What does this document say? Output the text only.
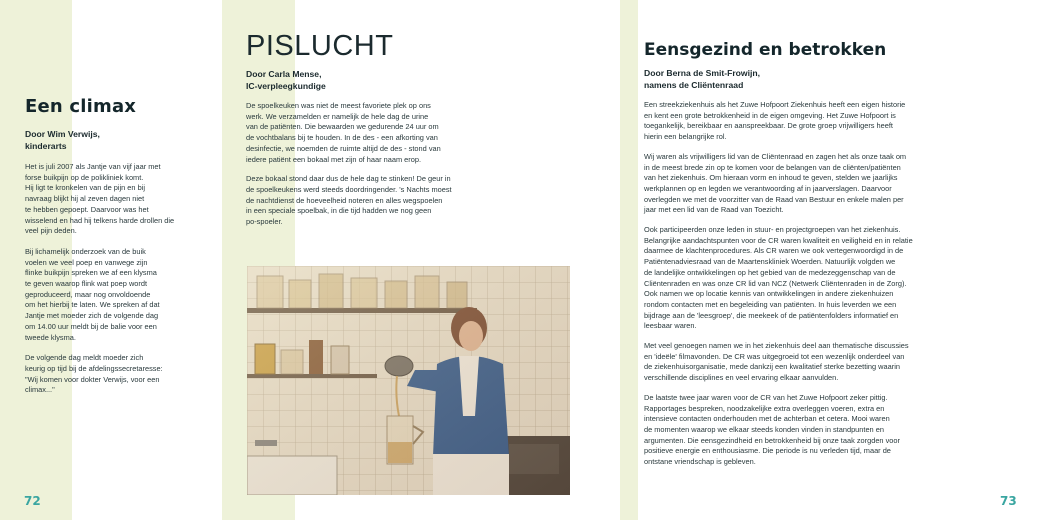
Een climax
Door Wim Verwijs,
kinderarts

Het is juli 2007 als Jantje van vijf jaar met
forse buikpijn op de polikliniek komt.
Hij ligt te kronkelen van de pijn en bij
navraag blijkt hij al zeven dagen niet
te hebben gepoept. Daarvoor was het
wisselend en had hij telkens harde drollen die
veel pijn deden.

Bij lichamelijk onderzoek van de buik
voelen we veel poep en vanwege zijn
flinke buikpijn spreken we af een klysma
te geven waarop flink wat poep wordt
geproduceerd, maar nog onvoldoende
om het hierbij te laten. We spreken af dat
Jantje met moeder zich de volgende dag
om 14.00 uur meldt bij de balie voor een
tweede klysma.

De volgende dag meldt moeder zich
keurig op tijd bij de afdelingssecretaresse:
"Wij komen voor dokter Verwijs, voor een
climax..."

72
PISLUCHT
Door Carla Mense,
IC-verpleegkundige

De spoelkeuken was niet de meest favoriete plek op ons
werk. We verzamelden er namelijk de hele dag de urine
van de patiënten. Die bewaarden we gedurende 24 uur om
de vochtbalans bij te houden. In de des - een afkorting van
desinfectie, we noemden de ruimte altijd de des - stond van
iedere patiënt een bokaal met zijn of haar naam erop.

Deze bokaal stond daar dus de hele dag te stinken! De geur in
de spoelkeukens werd steeds doordringender. 's Nachts moest
de nachtdienst de hoeveelheid noteren en alles wegspoelen
in een speciale spoelbak, in die tijd hadden we nog geen
po-spoeler.

Eensgezind en betrokken
Door Berna de Smit-Frowijn,
namens de Cliëntenraad

Een streekziekenhuis als het Zuwe Hofpoort Ziekenhuis heeft een eigen historie
en kent een grote betrokkenheid in de eigen omgeving. Het Zuwe Hofpoort is
toegankelijk, bereikbaar en aanspreekbaar. De grote groep vrijwilligers heeft
hierin een belangrijke rol.

Wij waren als vrijwilligers lid van de Cliëntenraad en zagen het als onze taak om
in de meest brede zin op te komen voor de belangen van de cliënten/patiënten
van het ziekenhuis. Om hieraan vorm en inhoud te geven, stelden we jaarlijks
werkplannen op en legden we verantwoording af in jaarverslagen. Daarvoor
overlegden we met de voorzitter van de Raad van Bestuur en enkele malen per
jaar met een lid van de Raad van Toezicht.

Ook participeerden onze leden in stuur- en projectgroepen van het ziekenhuis.
Belangrijke aandachtspunten voor de CR waren kwaliteit en veiligheid en in relatie
daarmee de klachtenprocedures. Als CR waren we ook vertegenwoordigd in de
Patiëntenadviesraad van de Maartenskliniek Woerden. Natuurlijk volgden we
de landelijke ontwikkelingen op het gebied van de medezeggenschap van de
Cliëntenraden en was onze CR lid van NCZ (Netwerk Cliëntenraden in de Zorg).
Ook namen we op locatie kennis van ontwikkelingen in andere ziekenhuizen
rondom contacten met en begeleiding van patiënten. In huis leverden we een
bijdrage aan de 'leesgroep', die meekeek of de patiëntenfolders informatief en
leesbaar waren.

Met veel genoegen namen we in het ziekenhuis deel aan thematische discussies
en 'ideële' filmavonden. De CR was uitgegroeid tot een wezenlijk onderdeel van
de ziekenhuisorganisatie, mede dankzij een kwalitatief sterke bezetting waarin
verschillende disciplines en veel ervaring elkaar aanvulden.

De laatste twee jaar waren voor de CR van het Zuwe Hofpoort zeker pittig.
Rapportages bespreken, noodzakelijke extra overleggen voeren, extra en
intensieve contacten onderhouden met de achterban et cetera. Mooi waren
de momenten waarop we elkaar steeds konden vinden in standpunten en
argumenten. Die eensgezindheid en betrokkenheid bij onze taak zorgden voor
positieve energie en enthousiasme. Die periode is nu verleden tijd, maar de
ontstane vriendschap is gebleven.

73
